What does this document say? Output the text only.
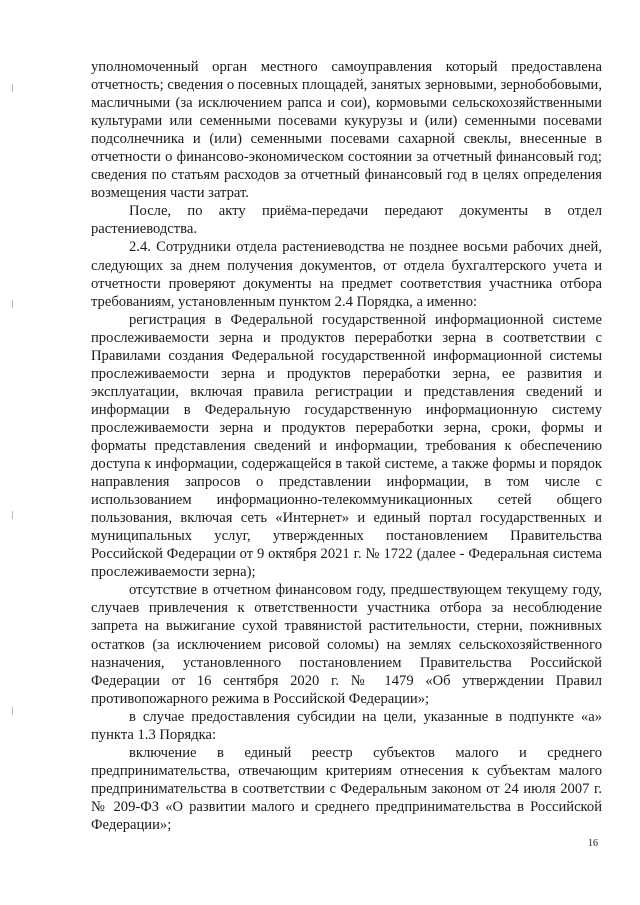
уполномоченный орган местного самоуправления который предоставлена отчетность; сведения о посевных площадей, занятых зерновыми, зернобобовыми, масличными (за исключением рапса и сои), кормовыми сельскохозяйственными культурами или семенными посевами кукурузы и (или) семенными посевами подсолнечника и (или) семенными посевами сахарной свеклы, внесенные в отчетности о финансово-экономическом состоянии за отчетный финансовый год; сведения по статьям расходов за отчетный финансовый год в целях определения возмещения части затрат.

После, по акту приёма-передачи передают документы в отдел растениеводства.

2.4. Сотрудники отдела растениеводства не позднее восьми рабочих дней, следующих за днем получения документов, от отдела бухгалтерского учета и отчетности проверяют документы на предмет соответствия участника отбора требованиям, установленным пунктом 2.4 Порядка, а именно:

регистрация в Федеральной государственной информационной системе прослеживаемости зерна и продуктов переработки зерна в соответствии с Правилами создания Федеральной государственной информационной системы прослеживаемости зерна и продуктов переработки зерна, ее развития и эксплуатации, включая правила регистрации и представления сведений и информации в Федеральную государственную информационную систему прослеживаемости зерна и продуктов переработки зерна, сроки, формы и форматы представления сведений и информации, требования к обеспечению доступа к информации, содержащейся в такой системе, а также формы и порядок направления запросов о представлении информации, в том числе с использованием информационно-телекоммуникационных сетей общего пользования, включая сеть «Интернет» и единый портал государственных и муниципальных услуг, утвержденных постановлением Правительства Российской Федерации от 9 октября 2021 г. № 1722 (далее - Федеральная система прослеживаемости зерна);

отсутствие в отчетном финансовом году, предшествующем текущему году, случаев привлечения к ответственности участника отбора за несоблюдение запрета на выжигание сухой травянистой растительности, стерни, пожнивных остатков (за исключением рисовой соломы) на землях сельскохозяйственного назначения, установленного постановлением Правительства Российской Федерации от 16 сентября 2020 г. № 1479 «Об утверждении Правил противопожарного режима в Российской Федерации»;

в случае предоставления субсидии на цели, указанные в подпункте «а» пункта 1.3 Порядка:

включение в единый реестр субъектов малого и среднего предпринимательства, отвечающим критериям отнесения к субъектам малого предпринимательства в соответствии с Федеральным законом от 24 июля 2007 г. № 209-ФЗ «О развитии малого и среднего предпринимательства в Российской Федерации»;

16
